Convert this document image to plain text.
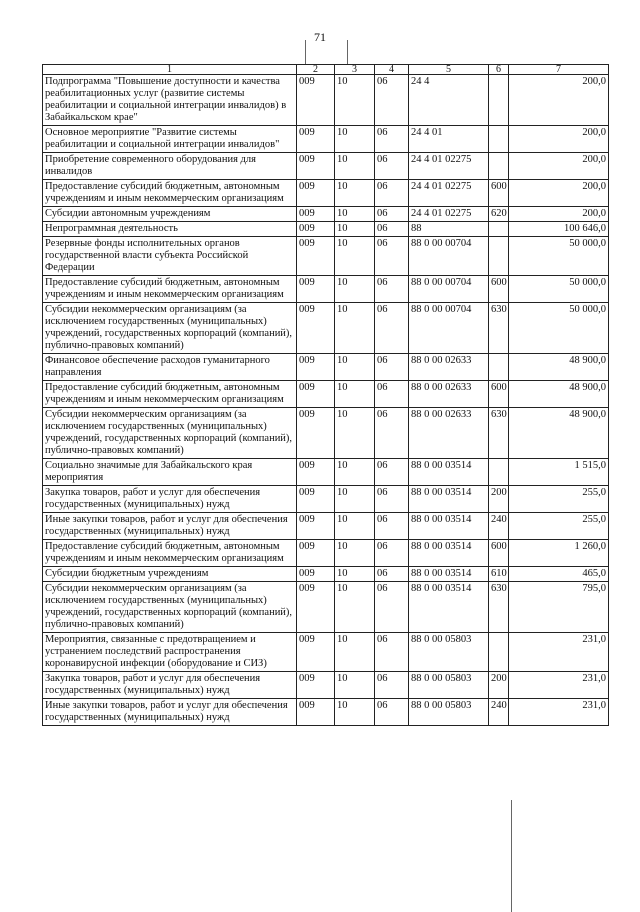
71
1	2	3	4	5	6	7
Подпрограмма "Повышение доступности и качества реабилитационных услуг (развитие системы реабилитации и социальной интеграции инвалидов) в Забайкальском крае"	009	10	06	24 4		200,0
Основное мероприятие "Развитие системы реабилитации и социальной интеграции инвалидов"	009	10	06	24 4 01		200,0
Приобретение современного оборудования для инвалидов	009	10	06	24 4 01 02275		200,0
Предоставление субсидий бюджетным, автономным учреждениям и иным некоммерческим организациям	009	10	06	24 4 01 02275	600	200,0
Субсидии автономным учреждениям	009	10	06	24 4 01 02275	620	200,0
Непрограммная деятельность	009	10	06	88		100 646,0
Резервные фонды исполнительных органов государственной власти субъекта Российской Федерации	009	10	06	88 0 00 00704		50 000,0
Предоставление субсидий бюджетным, автономным учреждениям и иным некоммерческим организациям	009	10	06	88 0 00 00704	600	50 000,0
Субсидии некоммерческим организациям (за исключением государственных (муниципальных) учреждений, государственных корпораций (компаний), публично-правовых компаний)	009	10	06	88 0 00 00704	630	50 000,0
Финансовое обеспечение расходов гуманитарного направления	009	10	06	88 0 00 02633		48 900,0
Предоставление субсидий бюджетным, автономным учреждениям и иным некоммерческим организациям	009	10	06	88 0 00 02633	600	48 900,0
Субсидии некоммерческим организациям (за исключением государственных (муниципальных) учреждений, государственных корпораций (компаний), публично-правовых компаний)	009	10	06	88 0 00 02633	630	48 900,0
Социально значимые для Забайкальского края мероприятия	009	10	06	88 0 00 03514		1 515,0
Закупка товаров, работ и услуг для обеспечения государственных (муниципальных) нужд	009	10	06	88 0 00 03514	200	255,0
Иные закупки товаров, работ и услуг для обеспечения государственных (муниципальных) нужд	009	10	06	88 0 00 03514	240	255,0
Предоставление субсидий бюджетным, автономным учреждениям и иным некоммерческим организациям	009	10	06	88 0 00 03514	600	1 260,0
Субсидии бюджетным учреждениям	009	10	06	88 0 00 03514	610	465,0
Субсидии некоммерческим организациям (за исключением государственных (муниципальных) учреждений, государственных корпораций (компаний), публично-правовых компаний)	009	10	06	88 0 00 03514	630	795,0
Мероприятия, связанные с предотвращением и устранением последствий распространения коронавирусной инфекции (оборудование и СИЗ)	009	10	06	88 0 00 05803		231,0
Закупка товаров, работ и услуг для обеспечения государственных (муниципальных) нужд	009	10	06	88 0 00 05803	200	231,0
Иные закупки товаров, работ и услуг для обеспечения государственных (муниципальных) нужд	009	10	06	88 0 00 05803	240	231,0
